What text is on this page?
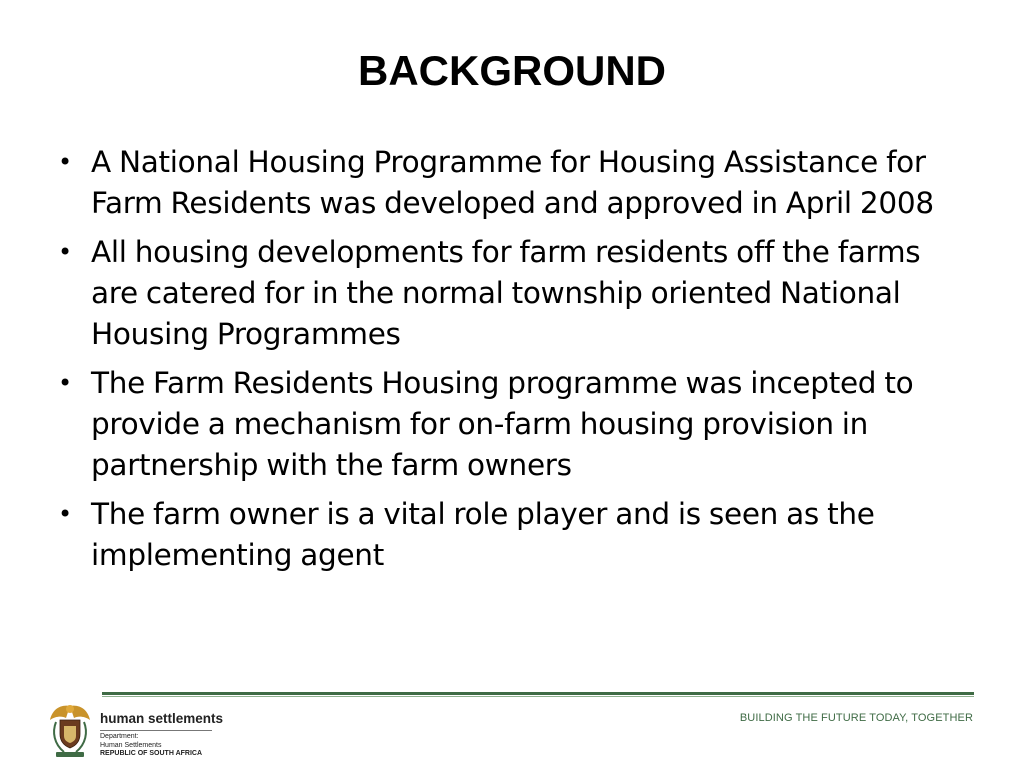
BACKGROUND
• A National Housing Programme for Housing Assistance for Farm Residents was developed and approved in April 2008
• All housing developments for farm residents off the farms are catered for in the normal township oriented National Housing Programmes
• The Farm Residents Housing programme was incepted to provide a mechanism for on-farm housing provision in partnership with the farm owners
• The farm owner is a vital role player and is seen as the implementing agent
human settlements
Department:
Human Settlements
REPUBLIC OF SOUTH AFRICA
BUILDING THE FUTURE TODAY, TOGETHER
